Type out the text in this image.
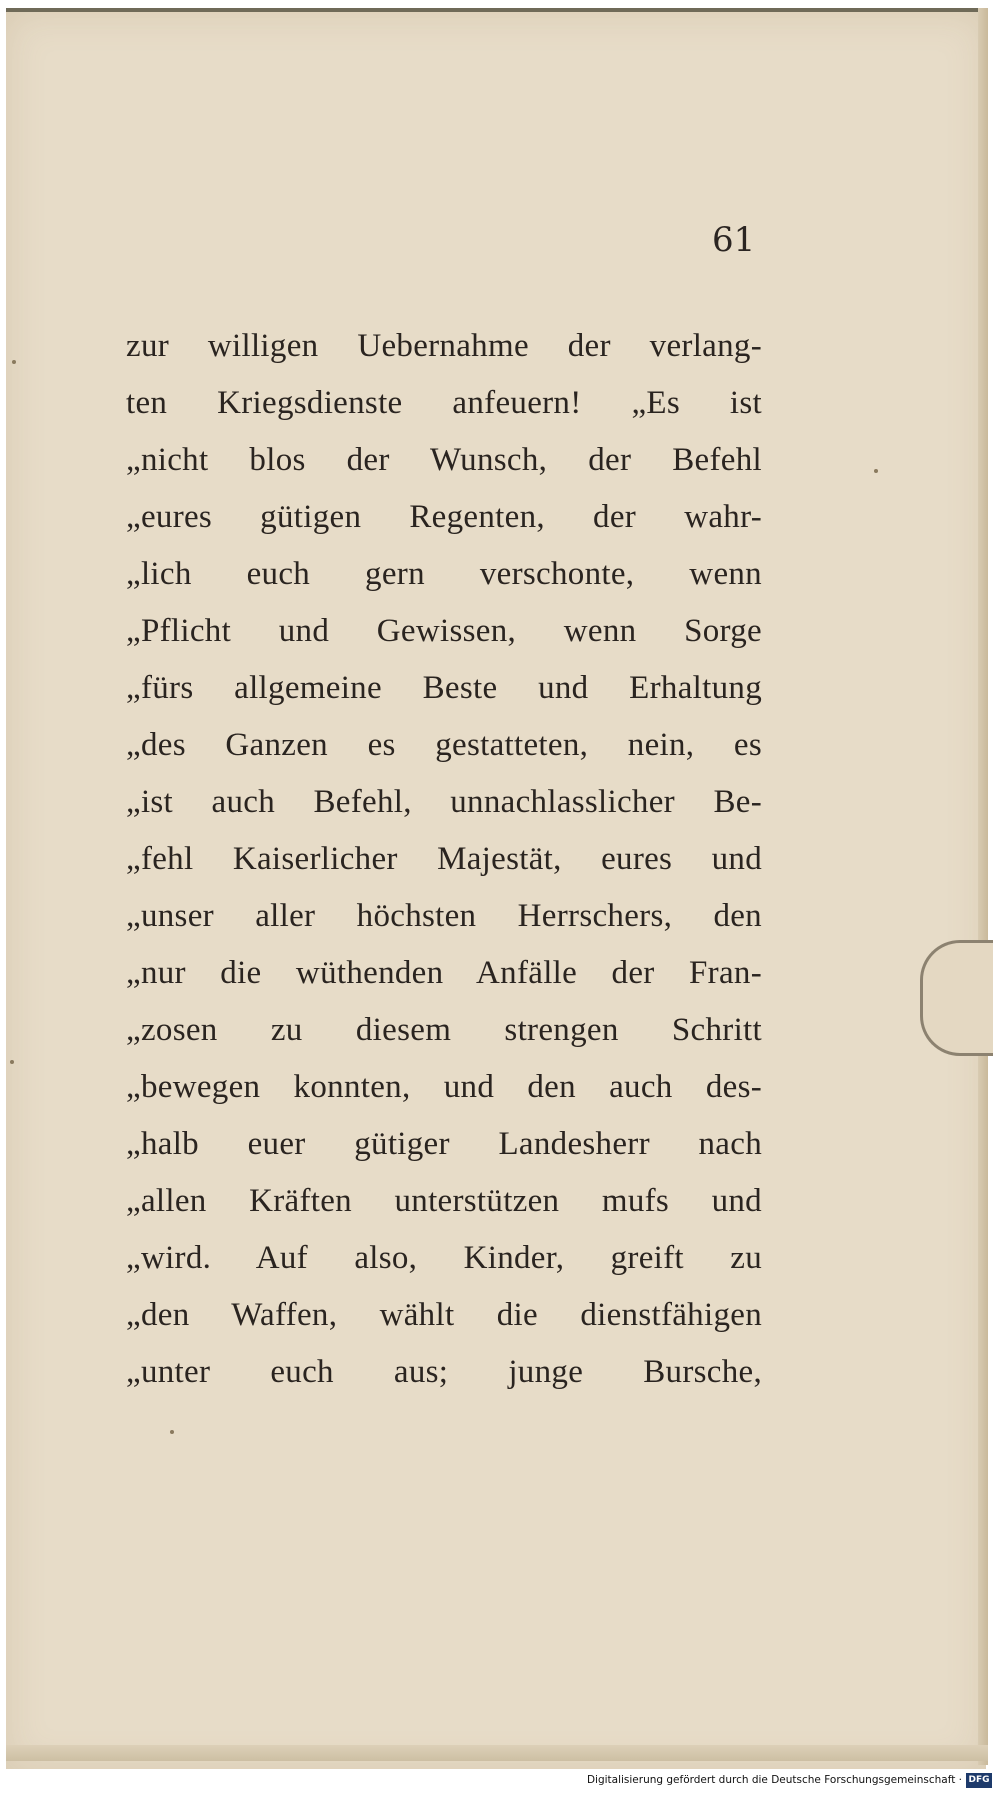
61
zur willigen Uebernahme der verlang-
ten Kriegsdienste anfeuern! „Es ist
„nicht blos der Wunsch, der Befehl
„eures gütigen Regenten, der wahr-
„lich euch gern verschonte, wenn
„Pflicht und Gewissen, wenn Sorge
„fürs allgemeine Beste und Erhaltung
„des Ganzen es gestatteten, nein, es
„ist auch Befehl, unnachlasslicher Be-
„fehl Kaiserlicher Majestät, eures und
„unser aller höchsten Herrschers, den
„nur die wüthenden Anfälle der Fran-
„zosen zu diesem strengen Schritt
„bewegen konnten, und den auch des-
„halb euer gütiger Landesherr nach
„allen Kräften unterstützen mufs und
„wird. Auf also, Kinder, greift zu
„den Waffen, wählt die dienstfähigen
„unter euch aus; junge Bursche,
Digitalisierung gefördert durch die Deutsche Forschungsgemeinschaft · DFG
